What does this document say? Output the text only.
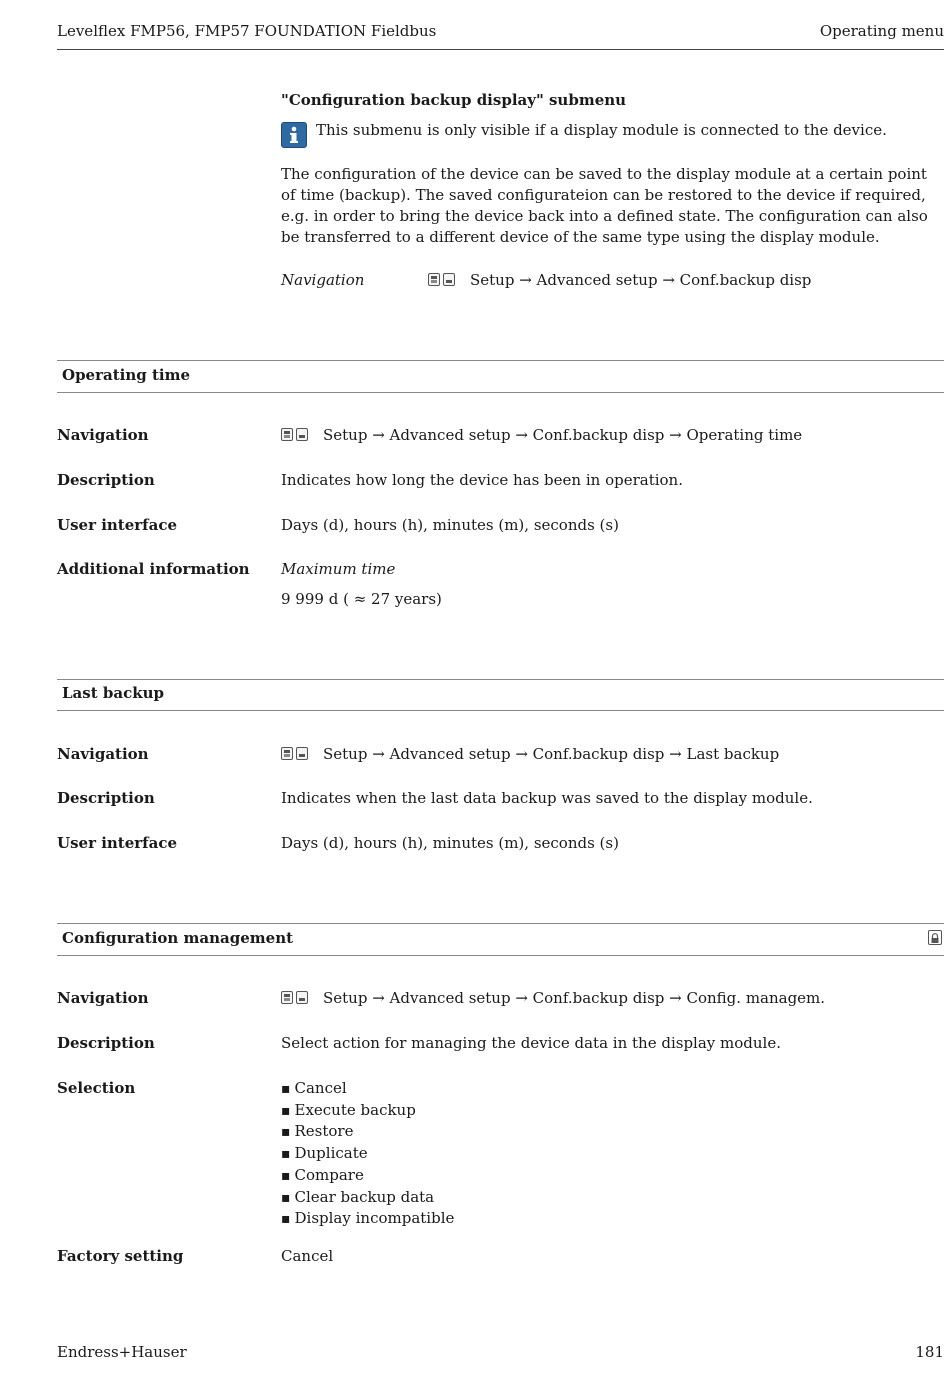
Levelflex FMP56, FMP57 FOUNDATION Fieldbus	Operating menu
"Configuration backup display" submenu
This submenu is only visible if a display module is connected to the device.
The configuration of the device can be saved to the display module at a certain point of time (backup). The saved configurateion can be restored to the device if required, e.g. in order to bring the device back into a defined state. The configuration can also be transferred to a different device of the same type using the display module.
Navigation	Setup → Advanced setup → Conf.backup disp
Operating time
Navigation	Setup → Advanced setup → Conf.backup disp → Operating time
Description	Indicates how long the device has been in operation.
User interface	Days (d), hours (h), minutes (m), seconds (s)
Additional information Maximum time
9 999 d ( ≈ 27 years)
Last backup
Navigation	Setup → Advanced setup → Conf.backup disp → Last backup
Description	Indicates when the last data backup was saved to the display module.
User interface	Days (d), hours (h), minutes (m), seconds (s)
Configuration management
Navigation	Setup → Advanced setup → Conf.backup disp → Config. managem.
Description	Select action for managing the device data in the display module.
Selection
▪	Cancel
▪ Execute backup
▪ Restore
▪ Duplicate
▪ Compare
▪ Clear backup data
▪ Display incompatible
Factory setting	Cancel
Endress+Hauser	181
